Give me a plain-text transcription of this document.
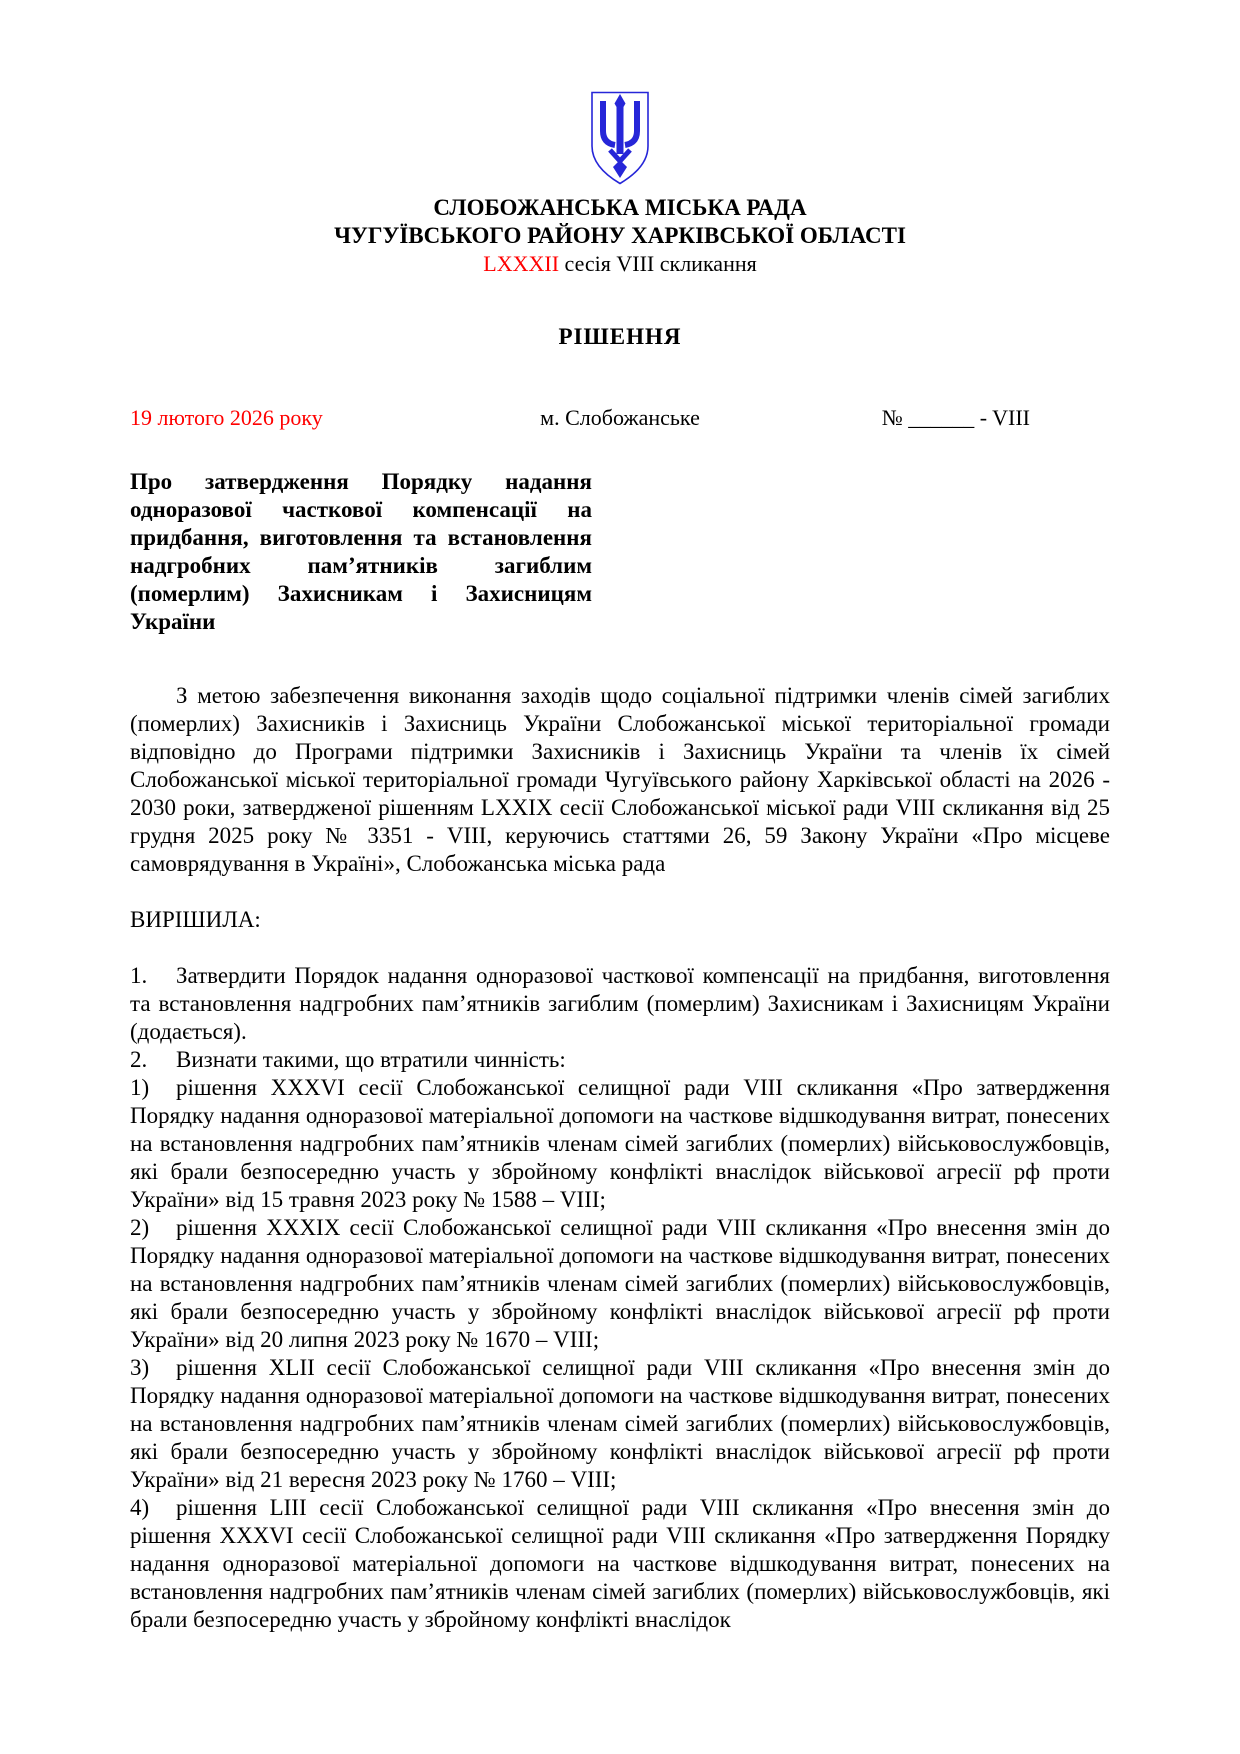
СЛОБОЖАНСЬКА МІСЬКА РАДА
ЧУГУЇВСЬКОГО РАЙОНУ ХАРКІВСЬКОЇ ОБЛАСТІ
LXXXII сесія VIII скликання
РІШЕННЯ
19 лютого 2026 року	м. Слобожанське	№ ______ - VIII
Про затвердження Порядку надання одноразової часткової компенсації на придбання, виготовлення та встановлення надгробних пам’ятників загиблим (померлим) Захисникам і Захисницям України

З метою забезпечення виконання заходів щодо соціальної підтримки членів сімей загиблих (померлих) Захисників і Захисниць України Слобожанської міської територіальної громади відповідно до Програми підтримки Захисників і Захисниць України та членів їх сімей Слобожанської міської територіальної громади Чугуївського району Харківської області на 2026 - 2030 роки, затвердженої рішенням LXXIX сесії Слобожанської міської ради VIII скликання від 25 грудня 2025 року № 3351 - VIII, керуючись статтями 26, 59 Закону України «Про місцеве самоврядування в Україні», Слобожанська міська рада

ВИРІШИЛА:

1. Затвердити Порядок надання одноразової часткової компенсації на придбання, виготовлення та встановлення надгробних пам’ятників загиблим (померлим) Захисникам і Захисницям України (додається).

2. Визнати такими, що втратили чинність:

1) рішення XXXVI сесії Слобожанської селищної ради VIII скликання «Про затвердження Порядку надання одноразової матеріальної допомоги на часткове відшкодування витрат, понесених на встановлення надгробних пам’ятників членам сімей загиблих (померлих) військовослужбовців, які брали безпосередню участь у збройному конфлікті внаслідок військової агресії рф проти України» від 15 травня 2023 року № 1588 – VIII;

2) рішення XXXIX сесії Слобожанської селищної ради VIII скликання «Про внесення змін до Порядку надання одноразової матеріальної допомоги на часткове відшкодування витрат, понесених на встановлення надгробних пам’ятників членам сімей загиблих (померлих) військовослужбовців, які брали безпосередню участь у збройному конфлікті внаслідок військової агресії рф проти України» від 20 липня 2023 року № 1670 – VIII;

3) рішення XLII сесії Слобожанської селищної ради VIII скликання «Про внесення змін до Порядку надання одноразової матеріальної допомоги на часткове відшкодування витрат, понесених на встановлення надгробних пам’ятників членам сімей загиблих (померлих) військовослужбовців, які брали безпосередню участь у збройному конфлікті внаслідок військової агресії рф проти України» від 21 вересня 2023 року № 1760 – VIII;

4) рішення LIII сесії Слобожанської селищної ради VIII скликання «Про внесення змін до рішення XXXVI сесії Слобожанської селищної ради VIII скликання «Про затвердження Порядку надання одноразової матеріальної допомоги на часткове відшкодування витрат, понесених на встановлення надгробних пам’ятників членам сімей загиблих (померлих) військовослужбовців, які брали безпосередню участь у збройному конфлікті внаслідок
